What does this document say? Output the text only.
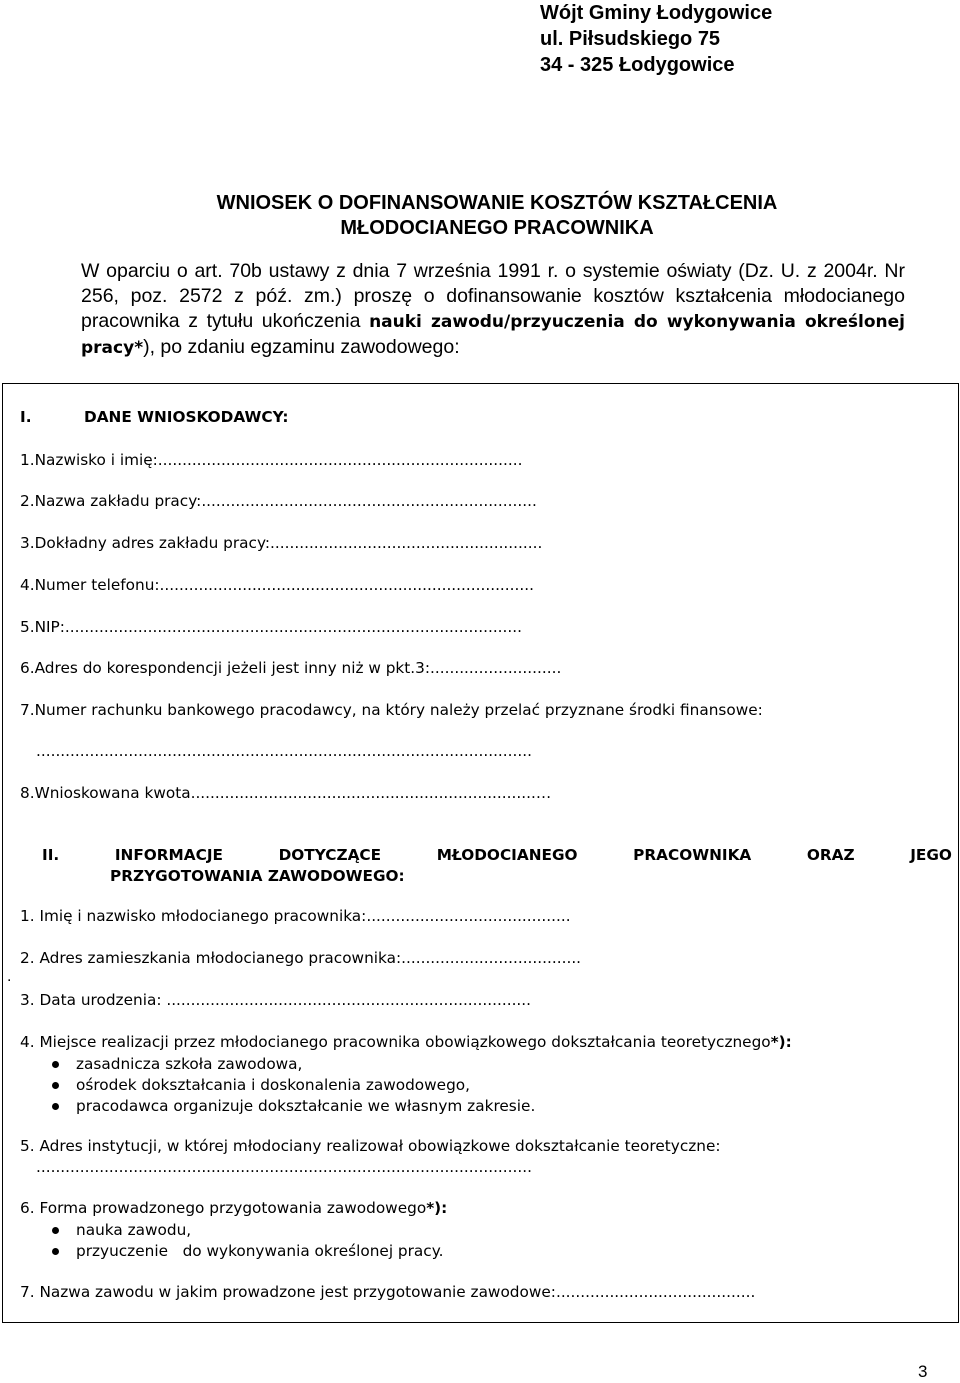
Wójt Gminy Łodygowice
ul. Piłsudskiego 75
34 - 325 Łodygowice
WNIOSEK O DOFINANSOWANIE KOSZTÓW KSZTAŁCENIA
MŁODOCIANEGO PRACOWNIKA

W oparciu o art. 70b ustawy z dnia 7 września 1991 r. o systemie oświaty (Dz. U. z 2004r. Nr 256, poz. 2572 z póź. zm.) proszę o dofinansowanie kosztów kształcenia młodocianego pracownika z tytułu ukończenia nauki zawodu/przyuczenia do wykonywania określonej pracy*), po zdaniu egzaminu zawodowego:

I.	DANE WNIOSKODAWCY:
1.Nazwisko i imię:...........................................................................
2.Nazwa zakładu pracy:.....................................................................
3.Dokładny adres zakładu pracy:........................................................
4.Numer telefonu:.............................................................................
5.NIP:..............................................................................................
6.Adres do korespondencji jeżeli jest inny niż w pkt.3:...........................
7.Numer rachunku bankowego pracodawcy, na który należy przelać przyznane środki finansowe:
......................................................................................................
8.Wnioskowana kwota.......................................................................…
II.	INFORMACJE	DOTYCZĄCE	MŁODOCIANEGO	PRACOWNIKA	ORAZ	JEGO
PRZYGOTOWANIA ZAWODOWEGO:
1. Imię i nazwisko młodocianego pracownika:..........................................
2. Adres zamieszkania młodocianego pracownika:.....................................
.
3. Data urodzenia: ...........................................................................
4. Miejsce realizacji przez młodocianego pracownika obowiązkowego dokształcania teoretycznego*):
zasadnicza szkoła zawodowa,
ośrodek dokształcania i doskonalenia zawodowego,
pracodawca organizuje dokształcanie we własnym zakresie.
5. Adres instytucji, w której młodociany realizował obowiązkowe dokształcanie teoretyczne:
......................................................................................................
6. Forma prowadzonego przygotowania zawodowego*):
nauka zawodu,
przyuczenie   do wykonywania określonej pracy.
7. Nazwa zawodu w jakim prowadzone jest przygotowanie zawodowe:.........................................
3
